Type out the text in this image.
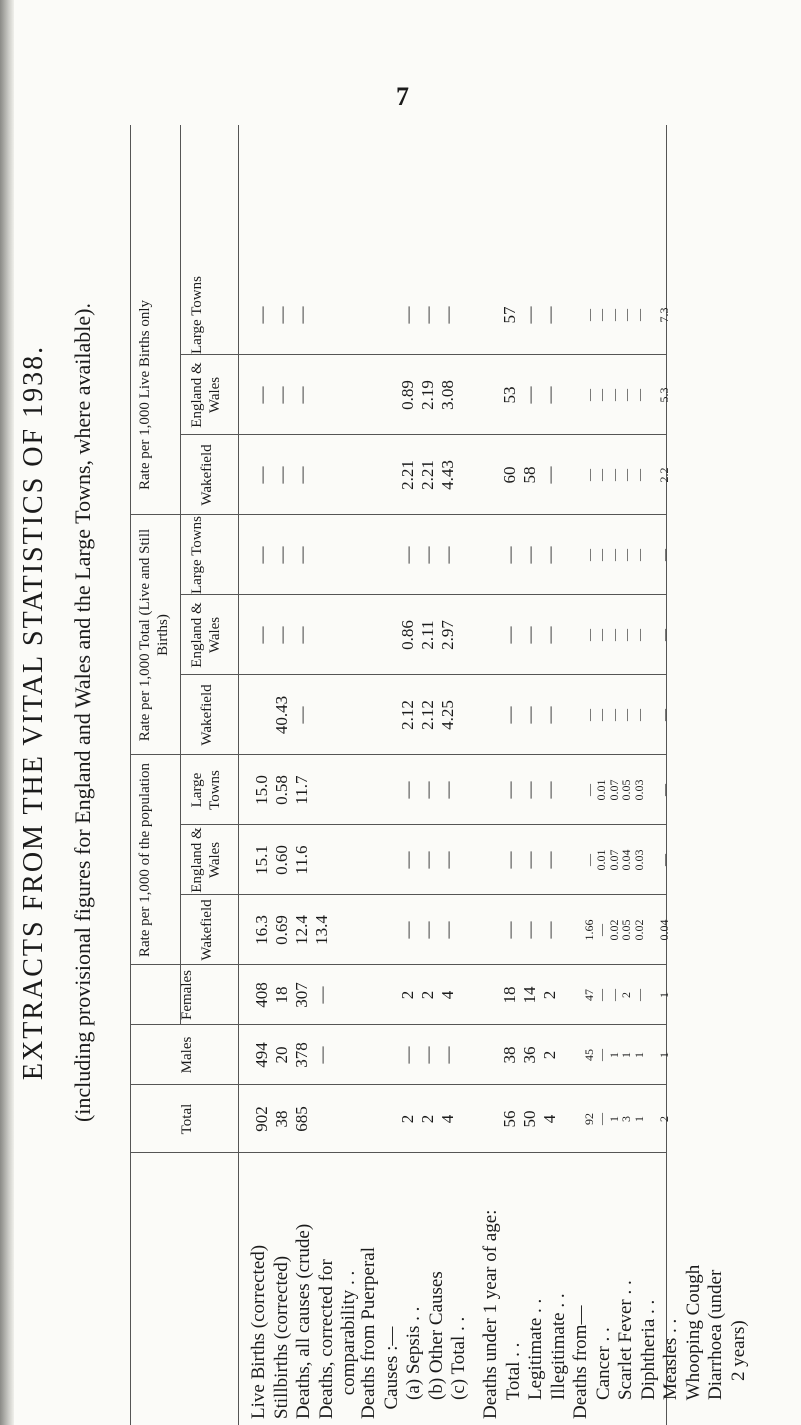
7
EXTRACTS FROM THE VITAL STATISTICS OF 1938. (including provisional figures for England and Wales and the Large Towns, where available).	Total
Males
Females
Rate per 1,000 of the population
Rate per 1,000 Total (Live and Still Births)
Rate per 1,000 Live Births only
Wakefield
England & Wales
Large Towns
Wakefield
England & Wales
Large Towns
Wakefield
England & Wales
Large Towns
Live Births (corrected)
Stillbirths (corrected)
Deaths, all causes (crude)
Deaths, corrected for
comparability . .
Deaths from Puerperal
Causes :—
(a) Sepsis . .
(b) Other Causes
(c) Total . .
Deaths under 1 year of age:
Total . .
Legitimate . .
Illegitimate . .
Deaths from—
Cancer . .
Scarlet Fever . .
Diphtheria . .
Measles . .
Whooping Cough
Diarrhoea (under
2 years)
902
38
685
494
20
378
—
408
18
307
—
16.3
0.69
12.4
13.4
15.1
0.60
11.6
15.0
0.58
11.7

40.43
—
—
—
—
—
—
—
—
—
—
—
—
—
—
—
—

2
2
4

—
—
—

2
2
4

—
—
—

—
—
—

—
—
—

2.12
2.12
4.25

0.86
2.11
2.97

—
—
—

2.21
2.21
4.43

0.89
2.19
3.08

—
—
—

56
50
4

38
36
2

18
14
2

—
—
—

—
—
—

—
—
—

—
—
—

—
—
—

—
—
—

60
58
—

53
—
—

57
—
—

92
—
1
3
1

2

45
—
1
1
1

1

47
—
—
2
—

1

1.66
—
0.02
0.05
0.02

0.04

—
0.01
0.07
0.04
0.03

—

—
0.01
0.07
0.05
0.03

—

—
—
—
—
—

—

—
—
—
—
—

—

—
—
—
—
—

—

—
—
—
—
—

2.2

—
—
—
—
—

5.3

—
—
—
—
—

7.3
